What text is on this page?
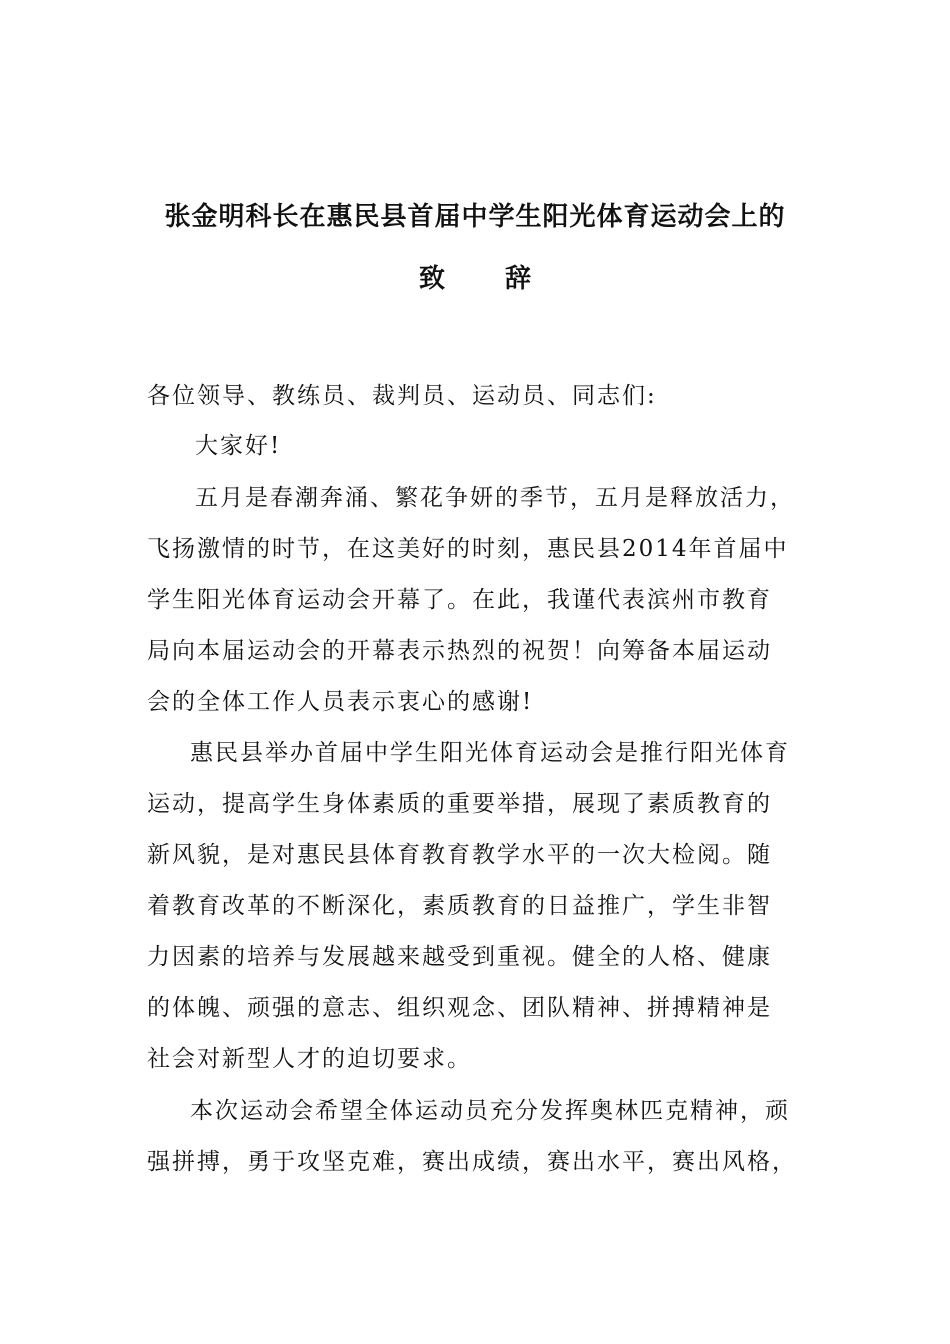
张金明科长在惠民县首届中学生阳光体育运动会上的
致辞
各位领导、教练员、裁判员、运动员、同志们:
大家好!
五月是春潮奔涌、繁花争妍的季节，五月是释放活力，
飞扬激情的时节，在这美好的时刻，惠民县2014年首届中
学生阳光体育运动会开幕了。在此，我谨代表滨州市教育
局向本届运动会的开幕表示热烈的祝贺！向筹备本届运动
会的全体工作人员表示衷心的感谢!
惠民县举办首届中学生阳光体育运动会是推行阳光体育
运动，提高学生身体素质的重要举措，展现了素质教育的
新风貌，是对惠民县体育教育教学水平的一次大检阅。随
着教育改革的不断深化，素质教育的日益推广，学生非智
力因素的培养与发展越来越受到重视。健全的人格、健康
的体魄、顽强的意志、组织观念、团队精神、拼搏精神是
社会对新型人才的迫切要求。
本次运动会希望全体运动员充分发挥奥林匹克精神，顽
强拼搏，勇于攻坚克难，赛出成绩，赛出水平，赛出风格，
